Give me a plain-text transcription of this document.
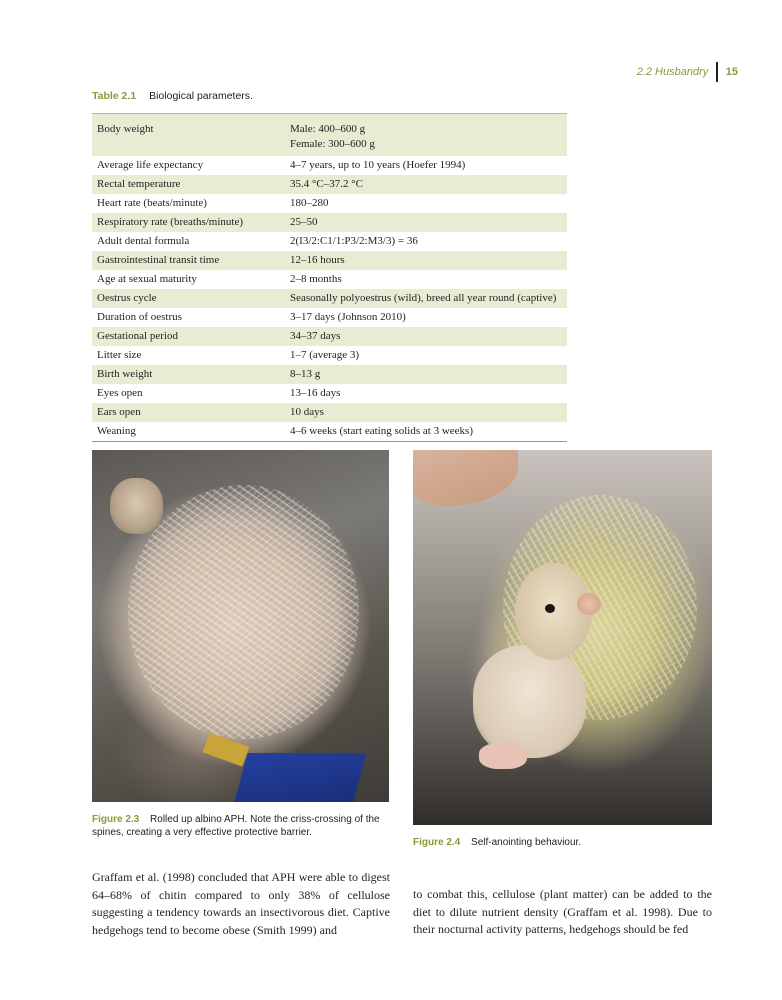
2.2 Husbandry 15
Table 2.1 Biological parameters.
Body weight	Male: 400–600 g
Female: 300–600 g

Average life expectancy	4–7 years, up to 10 years (Hoefer 1994)
Rectal temperature	35.4 °C–37.2 °C
Heart rate (beats/minute)	180–280
Respiratory rate (breaths/minute)	25–50
Adult dental formula	2(I3/2:C1/1:P3/2:M3/3) = 36
Gastrointestinal transit time	12–16 hours
Age at sexual maturity	2–8 months
Oestrus cycle	Seasonally polyoestrus (wild), breed all year round (captive)
Duration of oestrus	3–17 days (Johnson 2010)
Gestational period	34–37 days
Litter size	1–7 (average 3)
Birth weight	8–13 g
Eyes open	13–16 days
Ears open	10 days
Weaning	4–6 weeks (start eating solids at 3 weeks)
Figure 2.3 Rolled up albino APH. Note the criss-crossing of the spines, creating a very effective protective barrier.
Figure 2.4 Self-anointing behaviour.

Graffam et al. (1998) concluded that APH were able to digest 64–68% of chitin compared to only 38% of cellulose suggesting a tendency towards an insectivorous diet. Captive hedgehogs tend to become obese (Smith 1999) and

to combat this, cellulose (plant matter) can be added to the diet to dilute nutrient density (Graffam et al. 1998). Due to their nocturnal activity patterns, hedgehogs should be fed
